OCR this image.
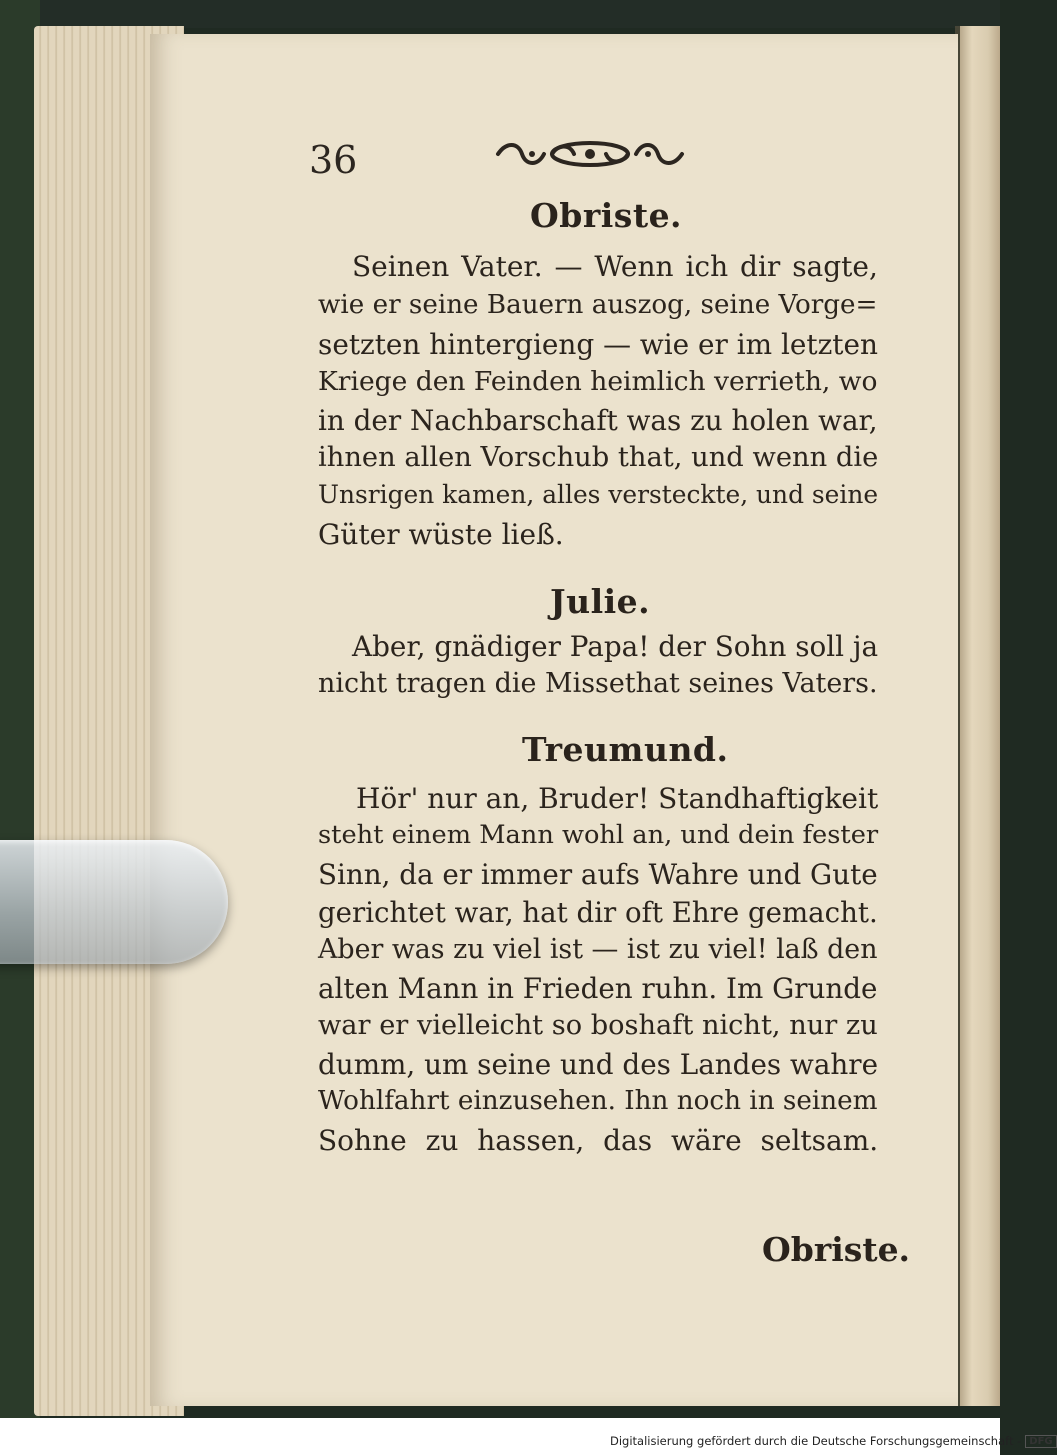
36
Obriste.
Seinen Vater. — Wenn ich dir sagte,
wie er seine Bauern auszog, seine Vorge=
setzten hintergieng — wie er im letzten
Kriege den Feinden heimlich verrieth, wo
in der Nachbarschaft was zu holen war,
ihnen allen Vorschub that, und wenn die
Unsrigen kamen, alles versteckte, und seine
Güter wüste ließ.
Julie.
Aber, gnädiger Papa! der Sohn soll ja
nicht tragen die Missethat seines Vaters.
Treumund.
Hör' nur an, Bruder! Standhaftigkeit
steht einem Mann wohl an, und dein fester
Sinn, da er immer aufs Wahre und Gute
gerichtet war, hat dir oft Ehre gemacht.
Aber was zu viel ist — ist zu viel! laß den
alten Mann in Frieden ruhn. Im Grunde
war er vielleicht so boshaft nicht, nur zu
dumm, um seine und des Landes wahre
Wohlfahrt einzusehen. Ihn noch in seinem
Sohne zu hassen, das wäre seltsam.
Obriste.
Digitalisierung gefördert durch die Deutsche Forschungsgemeinschaft - DFG
